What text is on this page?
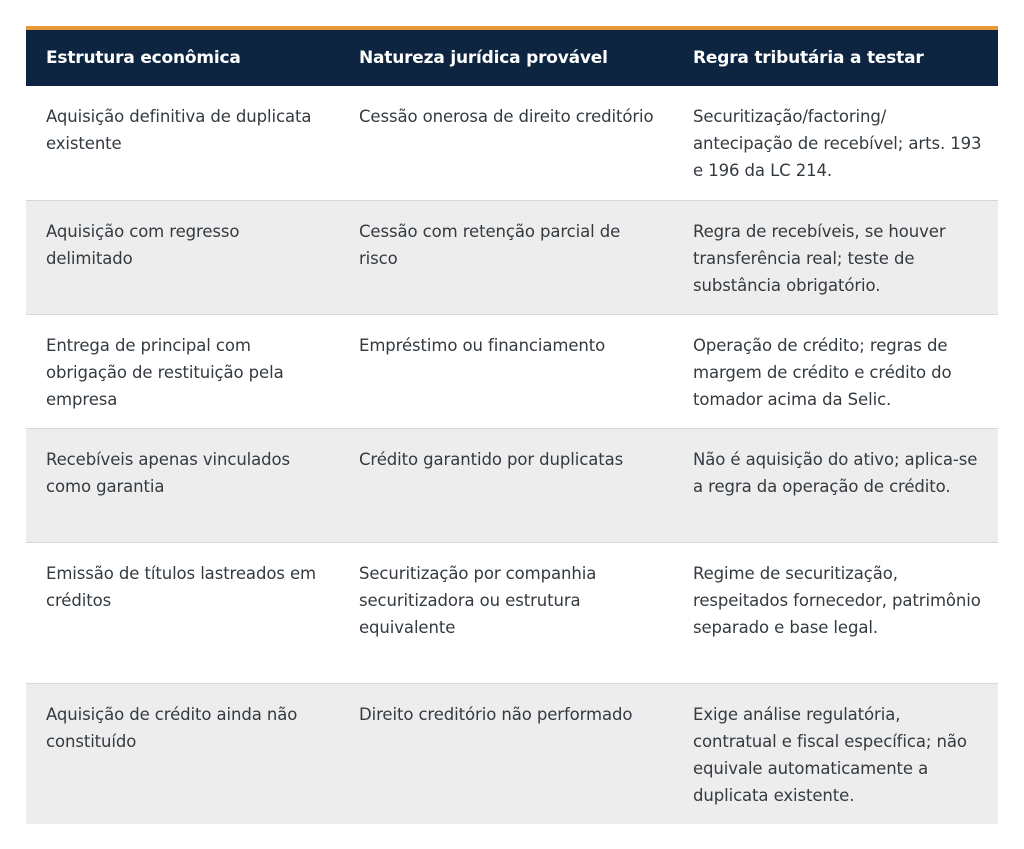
Estrutura econômica	Natureza jurídica provável	Regra tributária a testar
Aquisição definitiva de duplicata existente	Cessão onerosa de direito creditório	Securitização/factoring/ antecipação de recebível; arts. 193 e 196 da LC 214.
Aquisição com regresso delimitado	Cessão com retenção parcial de risco	Regra de recebíveis, se houver transferência real; teste de substância obrigatório.
Entrega de principal com obrigação de restituição pela empresa	Empréstimo ou financiamento	Operação de crédito; regras de margem de crédito e crédito do tomador acima da Selic.
Recebíveis apenas vinculados como garantia	Crédito garantido por duplicatas	Não é aquisição do ativo; aplica-se a regra da operação de crédito.
Emissão de títulos lastreados em créditos	Securitização por companhia securitizadora ou estrutura equivalente	Regime de securitização, respeitados fornecedor, patrimônio separado e base legal.
Aquisição de crédito ainda não constituído	Direito creditório não performado	Exige análise regulatória, contratual e fiscal específica; não equivale automaticamente a duplicata existente.
